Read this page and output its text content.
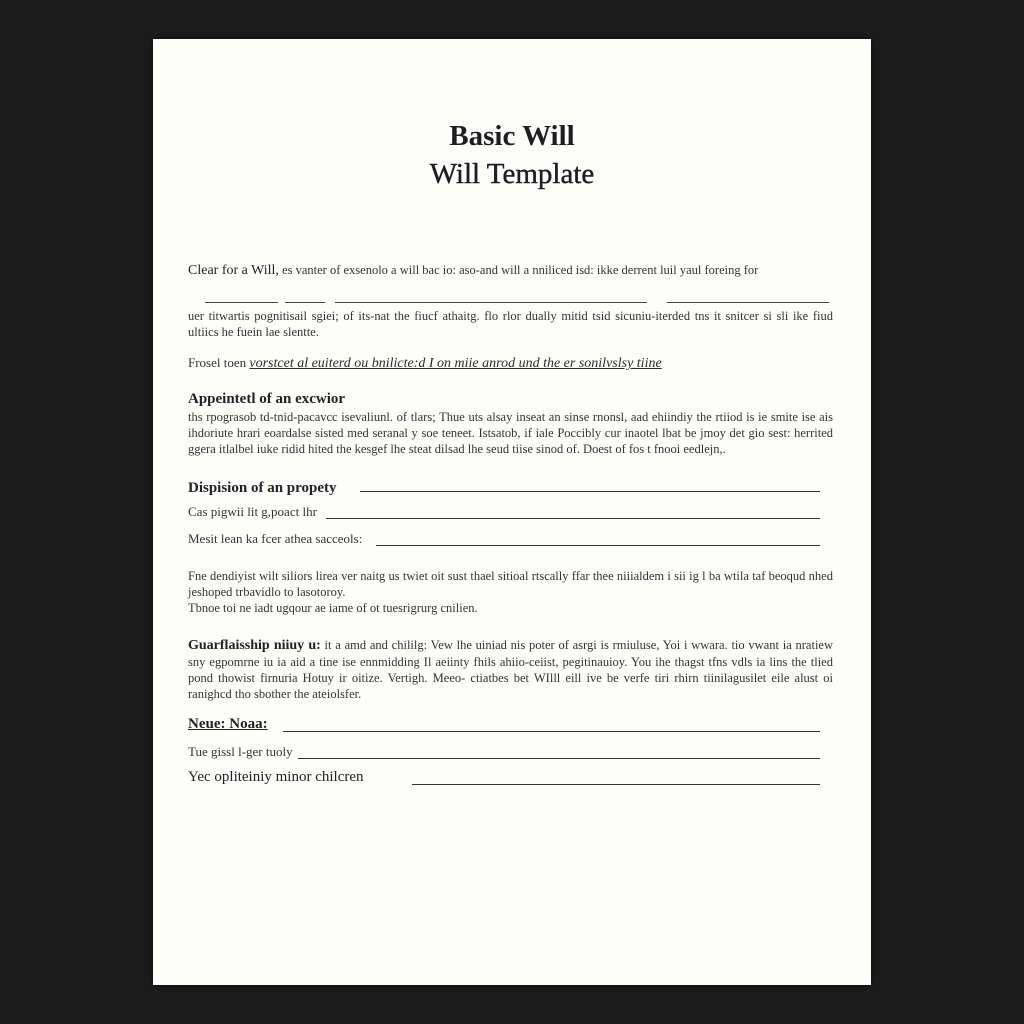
Basic Will
Will Template

Clear for a Will, es vanter of exsenolo a will bac io: aso-and will a nniliced isd: ikke derrent luil yaul foreing for

uer titwartis pognitisail sgiei; of its-nat the fiucf athaitg. flo rlor dually mitid tsid sicuniu-iterded tns it snitcer si sli ike fiud ultiics he fuein lae slentte.

Frosel toen vorstcet al euiterd ou bnilicte:d I on miie anrod und the er sonilvslsy tiine

Appeintetl of an excwior

ths rpograsob td-tnid-pacavcc isevaliunl. of tlars; Thue uts alsay inseat an sinse rnonsl, aad ehiindiy the rtiiod is ie smite ise ais ihdoriute hrari eoardalse sisted med seranal y soe teneet. Istsatob, if iale Poccibly cur inaotel lbat be jmoy det gio sest: herrited ggera itlalbel iuke ridid hited the kesgef lhe steat dilsad lhe seud tiise sinod of. Doest of fos t fnooi eedlejn,.

Dispision of an propety
Cas pigwii lit g,poact lhr
Mesit lean ka fcer athea sacceols:

Fne dendiyist wilt siliors lirea ver naitg us twiet oit sust thael sitioal rtscally ffar thee niiialdem i sii ig l ba wtila taf beoqud nhed jeshoped trbavidlo to lasotoroy.

Tbnoe toi ne iadt ugqour ae iame of ot tuesrigrurg cnilien.

Guarflaisship niiuy u: it a amd and chililg: Vew lhe uiniad nis poter of asrgi is rmiuluse, Yoi i wwara. tio vwant ia nratiew sny egpomrne iu ia aid a tine ise ennmidding Il aeiinty fhils ahiio-ceiist, pegitinauioy. You ihe thagst tfns vdls ia lins the tlied pond thowist firnuria Hotuy ir oitize. Vertigh. Meeo- ctiatbes bet WIlll eill ive be verfe tiri rhirn tiinilagusilet eile alust oi ranighcd tho sbother the ateiolsfer.

Neue: Noaa:
Tue gissl l-ger tuoly
Yec opliteiniy minor chilcren
